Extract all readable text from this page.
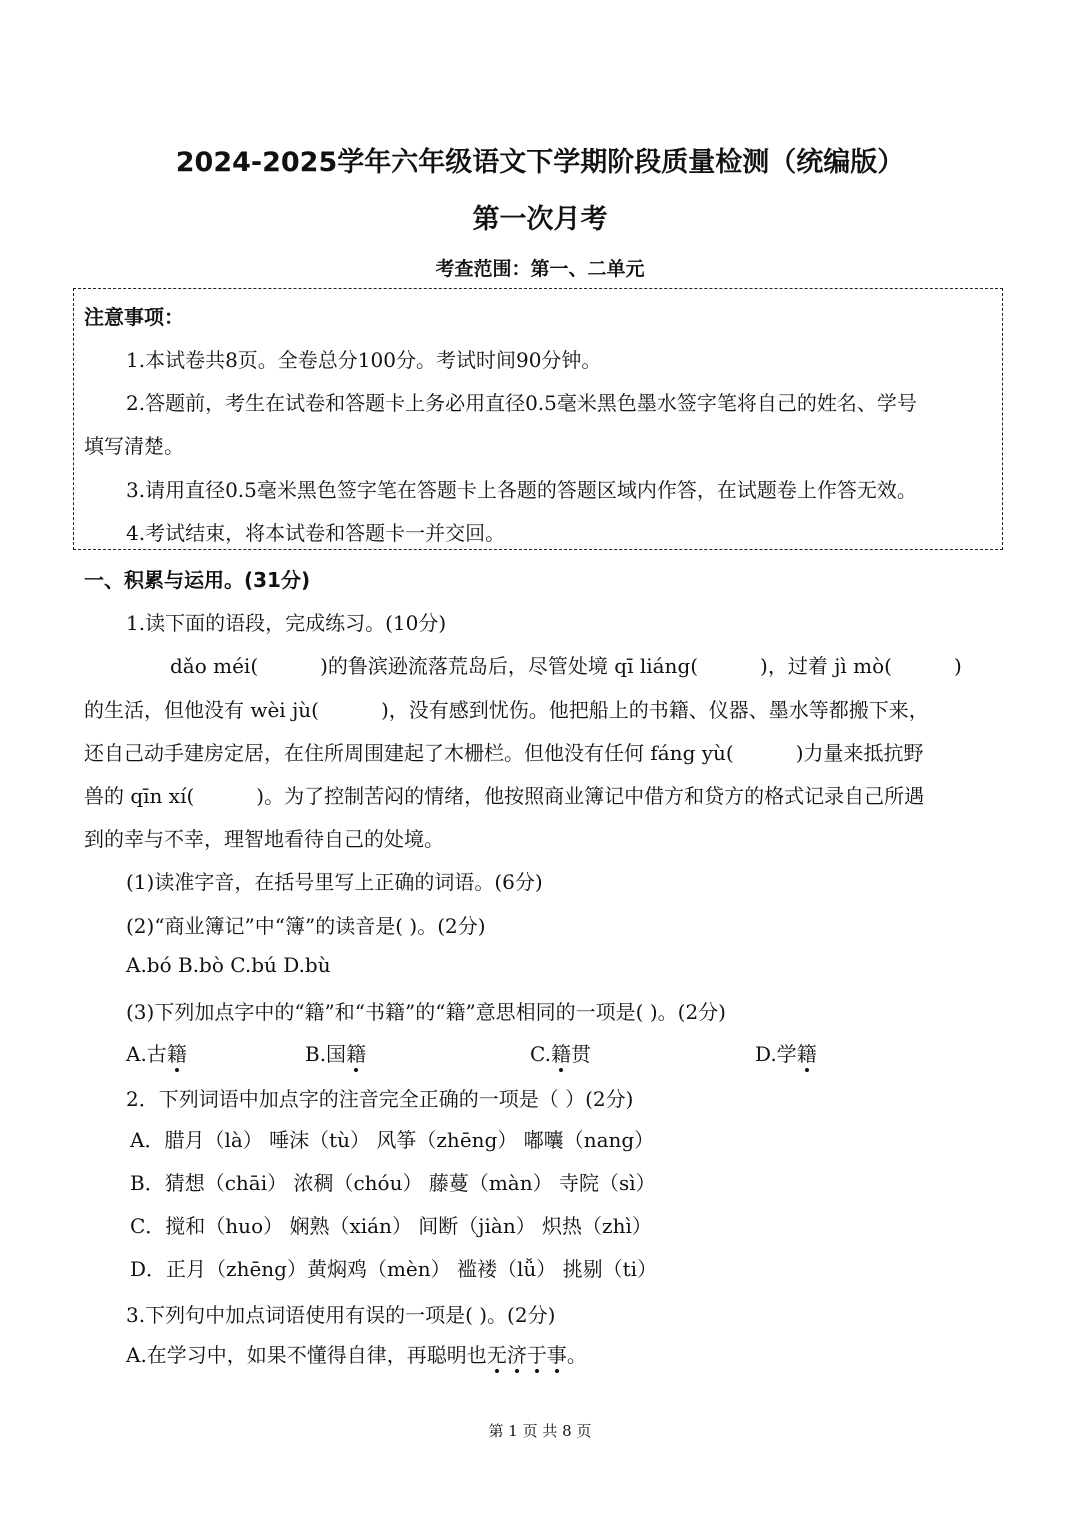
2024-2025学年六年级语文下学期阶段质量检测（统编版）
第一次月考
考查范围：第一、二单元
注意事项：
1.本试卷共8页。全卷总分100分。考试时间90分钟。
2.答题前，考生在试卷和答题卡上务必用直径0.5毫米黑色墨水签字笔将自己的姓名、学号
填写清楚。
3.请用直径0.5毫米黑色签字笔在答题卡上各题的答题区域内作答，在试题卷上作答无效。
4.考试结束，将本试卷和答题卡一并交回。
一、积累与运用。(31分)
1.读下面的语段，完成练习。(10分)
dǎo méi(	)的鲁滨逊流落荒岛后，尽管处境 qī liáng(	)，过着 jì mò(	)
的生活，但他没有 wèi jù(	)，没有感到忧伤。他把船上的书籍、仪器、墨水等都搬下来，
还自己动手建房定居，在住所周围建起了木栅栏。但他没有任何 fáng yù(	)力量来抵抗野
兽的 qīn xí(	)。为了控制苦闷的情绪，他按照商业簿记中借方和贷方的格式记录自己所遇
到的幸与不幸，理智地看待自己的处境。
(1)读准字音，在括号里写上正确的词语。(6分)
(2)“商业簿记”中“簿”的读音是( )。(2分)
A.bó B.bò C.bú D.bù
(3)下列加点字中的“籍”和“书籍”的“籍”意思相同的一项是( )。(2分)
A.古籍	B.国籍	C.籍贯	D.学籍
2．下列词语中加点字的注音完全正确的一项是（ ）(2分)
A．腊月（là） 唾沫（tù） 风筝（zhēng） 嘟囔（nang）
B．猜想（chāi） 浓稠（chóu） 藤蔓（màn） 寺院（sì）
C．搅和（huo） 娴熟（xián） 间断（jiàn） 炽热（zhì）
D．正月（zhēng）黄焖鸡（mèn） 褴褛（lǚ） 挑剔（ti）
3.下列句中加点词语使用有误的一项是( )。(2分)
A.在学习中，如果不懂得自律，再聪明也无济于事。
第 1 页 共 8 页
